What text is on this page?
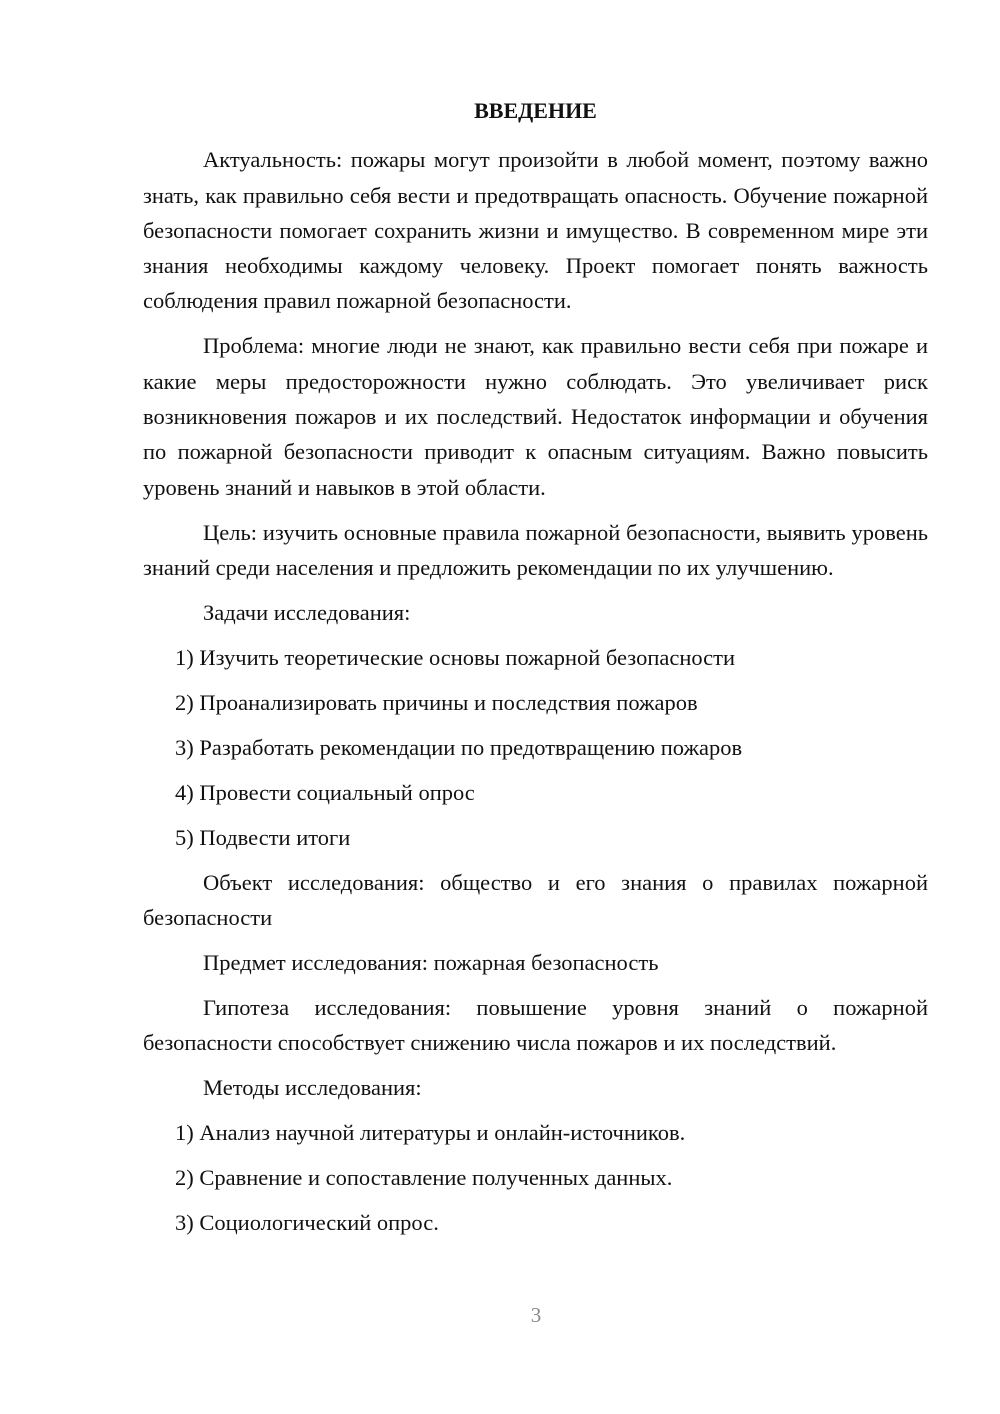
ВВЕДЕНИЕ

Актуальность: пожары могут произойти в любой момент, поэтому важно знать, как правильно себя вести и предотвращать опасность. Обучение пожарной безопасности помогает сохранить жизни и имущество. В современном мире эти знания необходимы каждому человеку. Проект помогает понять важность соблюдения правил пожарной безопасности.

Проблема: многие люди не знают, как правильно вести себя при пожаре и какие меры предосторожности нужно соблюдать. Это увеличивает риск возникновения пожаров и их последствий. Недостаток информации и обучения по пожарной безопасности приводит к опасным ситуациям. Важно повысить уровень знаний и навыков в этой области.

Цель: изучить основные правила пожарной безопасности, выявить уровень знаний среди населения и предложить рекомендации по их улучшению.

Задачи исследования:

1) Изучить теоретические основы пожарной безопасности

2) Проанализировать причины и последствия пожаров

3) Разработать рекомендации по предотвращению пожаров

4) Провести социальный опрос

5) Подвести итоги

Объект исследования: общество и его знания о правилах пожарной безопасности

Предмет исследования: пожарная безопасность

Гипотеза исследования: повышение уровня знаний о пожарной безопасности способствует снижению числа пожаров и их последствий.

Методы исследования:

1) Анализ научной литературы и онлайн-источников.

2) Сравнение и сопоставление полученных данных.

3) Социологический опрос.

3
